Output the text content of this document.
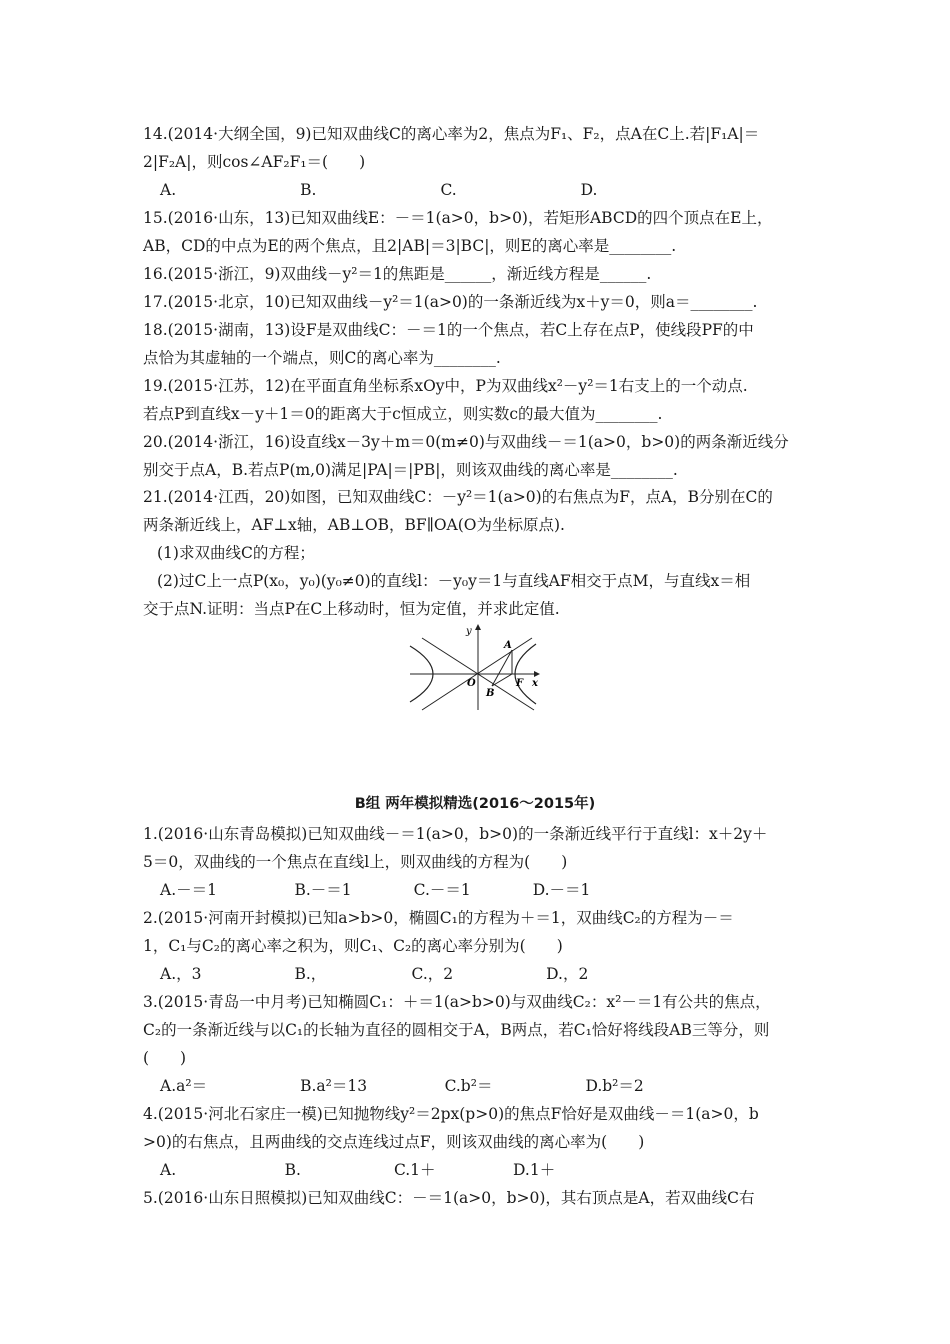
14.(2014·大纲全国，9)已知双曲线C的离心率为2，焦点为F₁、F₂，点A在C上.若|F₁A|＝
2|F₂A|，则cos∠AF₂F₁＝(　　)
A.　　　　　　　　B.　　　　　　　　C.　　　　　　　　D.
15.(2016·山东，13)已知双曲线E：－＝1(a>0，b>0)，若矩形ABCD的四个顶点在E上，
AB，CD的中点为E的两个焦点，且2|AB|＝3|BC|，则E的离心率是________.
16.(2015·浙江，9)双曲线－y²＝1的焦距是______，渐近线方程是______.
17.(2015·北京，10)已知双曲线－y²＝1(a>0)的一条渐近线为x＋y＝0，则a＝________.
18.(2015·湖南，13)设F是双曲线C：－＝1的一个焦点，若C上存在点P，使线段PF的中
点恰为其虚轴的一个端点，则C的离心率为________.
19.(2015·江苏，12)在平面直角坐标系xOy中，P为双曲线x²－y²＝1右支上的一个动点.
若点P到直线x－y＋1＝0的距离大于c恒成立，则实数c的最大值为________.
20.(2014·浙江，16)设直线x－3y＋m＝0(m≠0)与双曲线－＝1(a>0，b>0)的两条渐近线分
别交于点A，B.若点P(m,0)满足|PA|＝|PB|，则该双曲线的离心率是________.
21.(2014·江西，20)如图，已知双曲线C：－y²＝1(a>0)的右焦点为F，点A，B分别在C的
两条渐近线上，AF⊥x轴，AB⊥OB，BF∥OA(O为坐标原点).
(1)求双曲线C的方程；
(2)过C上一点P(x₀，y₀)(y₀≠0)的直线l：－y₀y＝1与直线AF相交于点M，与直线x＝相
交于点N.证明：当点P在C上移动时，恒为定值，并求此定值.
y
x
O
A
B
F
B组 两年模拟精选(2016～2015年)
1.(2016·山东青岛模拟)已知双曲线－＝1(a>0，b>0)的一条渐近线平行于直线l：x＋2y＋
5＝0，双曲线的一个焦点在直线l上，则双曲线的方程为(　　)
A.－＝1　　　　　B.－＝1　　　　C.－＝1　　　　D.－＝1
2.(2015·河南开封模拟)已知a>b>0，椭圆C₁的方程为＋＝1，双曲线C₂的方程为－＝
1，C₁与C₂的离心率之积为，则C₁、C₂的离心率分别为(　　)
A.，3　　　　　　B.，　　　　　　C.，2　　　　　　D.，2
3.(2015·青岛一中月考)已知椭圆C₁：＋＝1(a>b>0)与双曲线C₂：x²－＝1有公共的焦点，
C₂的一条渐近线与以C₁的长轴为直径的圆相交于A，B两点，若C₁恰好将线段AB三等分，则
(　　)
A.a²＝　　　　　　B.a²＝13　　　　　C.b²＝　　　　　　D.b²＝2
4.(2015·河北石家庄一模)已知抛物线y²＝2px(p>0)的焦点F恰好是双曲线－＝1(a>0，b
>0)的右焦点，且两曲线的交点连线过点F，则该双曲线的离心率为(　　)
A.　　　　　　　B.　　　　　　C.1＋　　　　　D.1＋
5.(2016·山东日照模拟)已知双曲线C：－＝1(a>0，b>0)，其右顶点是A，若双曲线C右
